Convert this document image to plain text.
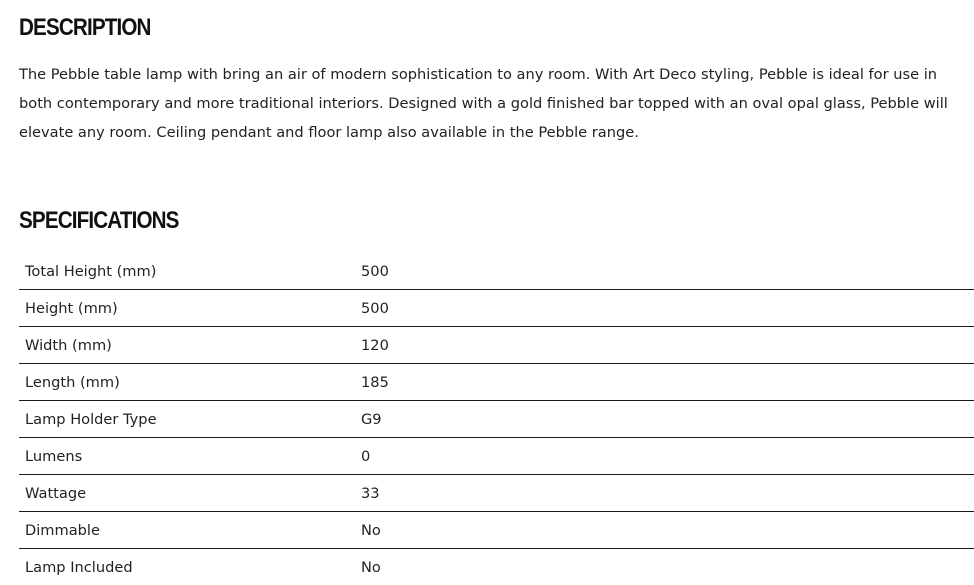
DESCRIPTION

The Pebble table lamp with bring an air of modern sophistication to any room. With Art Deco styling, Pebble is ideal for use in both contemporary and more traditional interiors. Designed with a gold finished bar topped with an oval opal glass, Pebble will elevate any room. Ceiling pendant and floor lamp also available in the Pebble range.

SPECIFICATIONS
Total Height (mm)	500
Height (mm)	500
Width (mm)	120
Length (mm)	185
Lamp Holder Type	G9
Lumens	0
Wattage	33
Dimmable	No
Lamp Included	No
